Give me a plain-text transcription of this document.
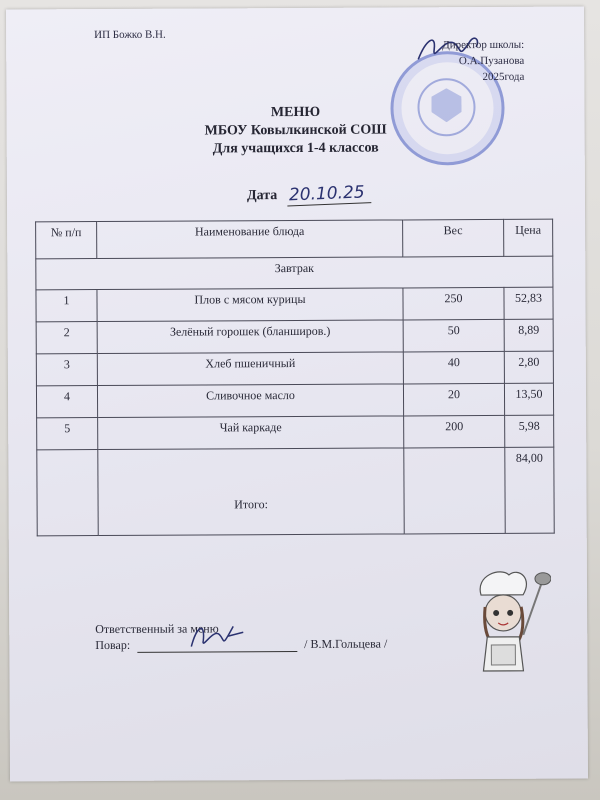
ИП Божко В.Н.
Директор школы:
О.А.Пузанова
2025года
МЕНЮ
МБОУ Ковылкинской СОШ
Для учащихся 1-4 классов
Дата 20.10.25
№ п/п	Наименование блюда	Вес	Цена
Завтрак			
1	Плов с мясом курицы	250	52,83
2	Зелёный горошек (бланширов.)	50	8,89
3	Хлеб пшеничный	40	2,80
4	Сливочное масло	20	13,50
5	Чай каркаде	200	5,98
	Итого:		84,00
Ответственный за меню
Повар:	/ В.М.Гольцева /
